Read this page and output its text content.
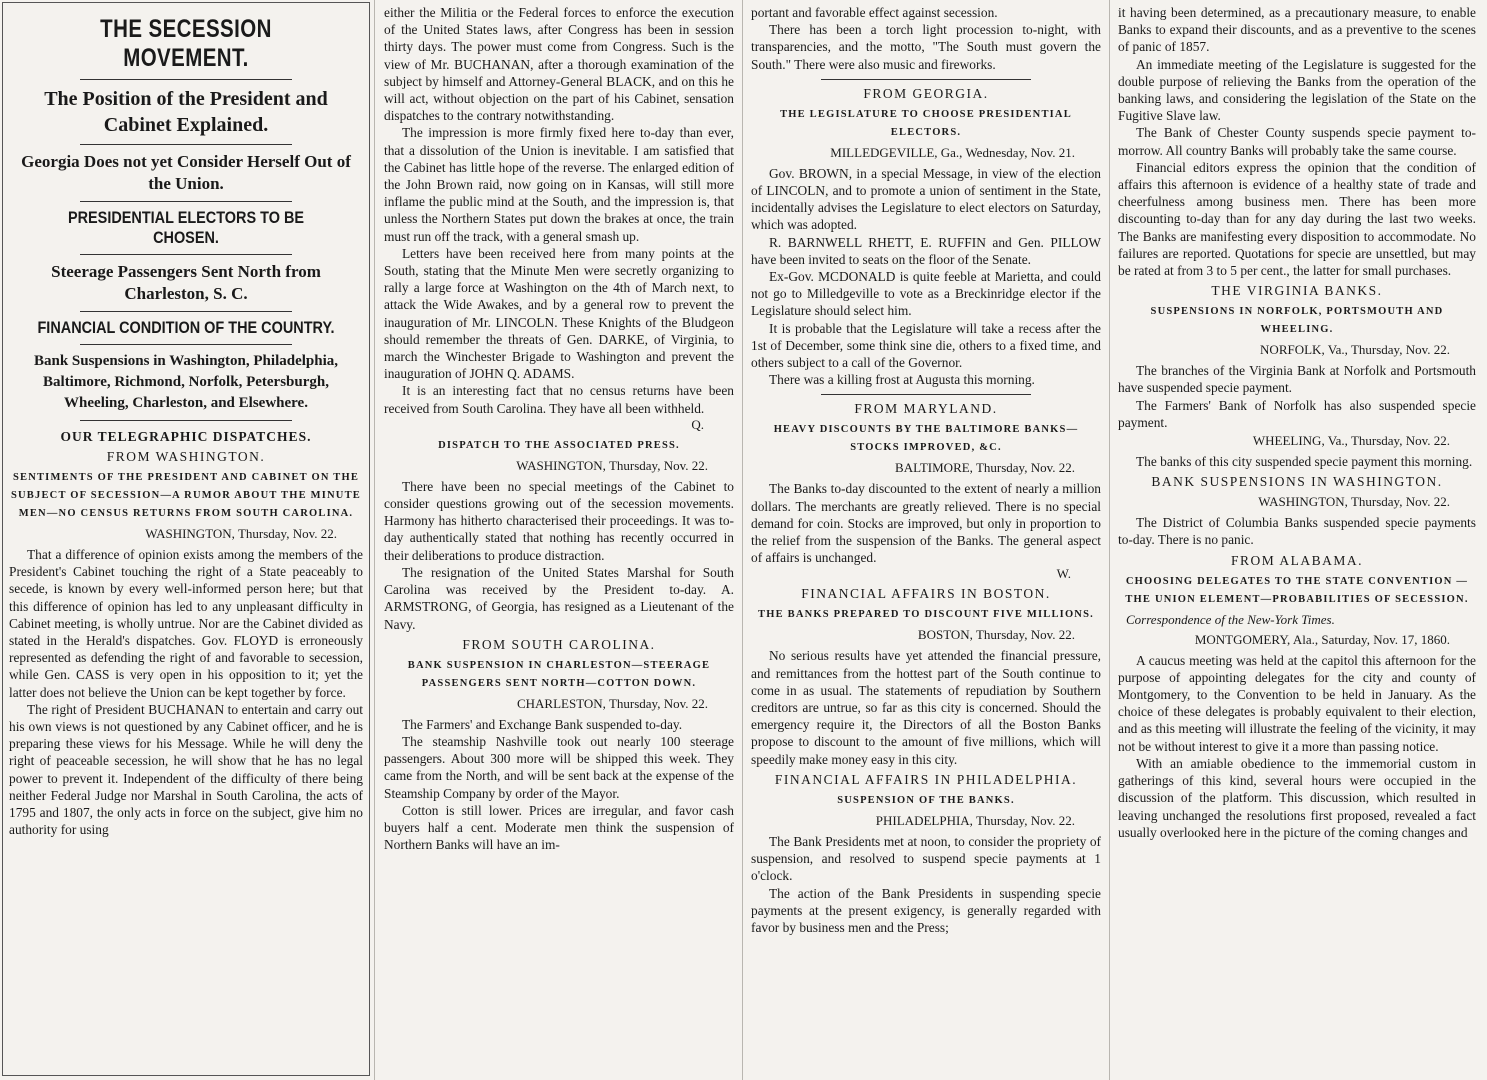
THE SECESSION MOVEMENT.
The Position of the President and Cabinet Explained.
Georgia Does not yet Consider Herself Out of the Union.
PRESIDENTIAL ELECTORS TO BE CHOSEN.
Steerage Passengers Sent North from Charleston, S. C.
FINANCIAL CONDITION OF THE COUNTRY.
Bank Suspensions in Washington, Philadelphia, Baltimore, Richmond, Norfolk, Petersburgh, Wheeling, Charleston, and Elsewhere.
OUR TELEGRAPHIC DISPATCHES.
FROM WASHINGTON.
SENTIMENTS OF THE PRESIDENT AND CABINET ON THE SUBJECT OF SECESSION—A RUMOR ABOUT THE MINUTE MEN—NO CENSUS RETURNS FROM SOUTH CAROLINA.
WASHINGTON, Thursday, Nov. 22.

That a difference of opinion exists among the members of the President's Cabinet touching the right of a State peaceably to secede, is known by every well-informed person here; but that this difference of opinion has led to any unpleasant difficulty in Cabinet meeting, is wholly untrue. Nor are the Cabinet divided as stated in the Herald's dispatches. Gov. FLOYD is erroneously represented as defending the right of and favorable to secession, while Gen. CASS is very open in his opposition to it; yet the latter does not believe the Union can be kept together by force.

The right of President BUCHANAN to entertain and carry out his own views is not questioned by any Cabinet officer, and he is preparing these views for his Message. While he will deny the right of peaceable secession, he will show that he has no legal power to prevent it. Independent of the difficulty of there being neither Federal Judge nor Marshal in South Carolina, the acts of 1795 and 1807, the only acts in force on the subject, give him no authority for using

either the Militia or the Federal forces to enforce the execution of the United States laws, after Congress has been in session thirty days. The power must come from Congress. Such is the view of Mr. BUCHANAN, after a thorough examination of the subject by himself and Attorney-General BLACK, and on this he will act, without objection on the part of his Cabinet, sensation dispatches to the contrary notwithstanding.

The impression is more firmly fixed here to-day than ever, that a dissolution of the Union is inevitable. I am satisfied that the Cabinet has little hope of the reverse. The enlarged edition of the John Brown raid, now going on in Kansas, will still more inflame the public mind at the South, and the impression is, that unless the Northern States put down the brakes at once, the train must run off the track, with a general smash up.

Letters have been received here from many points at the South, stating that the Minute Men were secretly organizing to rally a large force at Washington on the 4th of March next, to attack the Wide Awakes, and by a general row to prevent the inauguration of Mr. LINCOLN. These Knights of the Bludgeon should remember the threats of Gen. DARKE, of Virginia, to march the Winchester Brigade to Washington and prevent the inauguration of JOHN Q. ADAMS.

It is an interesting fact that no census returns have been received from South Carolina. They have all been withheld.

Q.
DISPATCH TO THE ASSOCIATED PRESS.
WASHINGTON, Thursday, Nov. 22.

There have been no special meetings of the Cabinet to consider questions growing out of the secession movements. Harmony has hitherto characterised their proceedings. It was to-day authentically stated that nothing has recently occurred in their deliberations to produce distraction.

The resignation of the United States Marshal for South Carolina was received by the President to-day. A. ARMSTRONG, of Georgia, has resigned as a Lieutenant of the Navy.

FROM SOUTH CAROLINA.
BANK SUSPENSION IN CHARLESTON—STEERAGE PASSENGERS SENT NORTH—COTTON DOWN.
CHARLESTON, Thursday, Nov. 22.

The Farmers' and Exchange Bank suspended to-day.

The steamship Nashville took out nearly 100 steerage passengers. About 300 more will be shipped this week. They came from the North, and will be sent back at the expense of the Steamship Company by order of the Mayor.

Cotton is still lower. Prices are irregular, and favor cash buyers half a cent. Moderate men think the suspension of Northern Banks will have an im-

portant and favorable effect against secession.

There has been a torch light procession to-night, with transparencies, and the motto, "The South must govern the South." There were also music and fireworks.

FROM GEORGIA.
THE LEGISLATURE TO CHOOSE PRESIDENTIAL ELECTORS.
MILLEDGEVILLE, Ga., Wednesday, Nov. 21.

Gov. BROWN, in a special Message, in view of the election of LINCOLN, and to promote a union of sentiment in the State, incidentally advises the Legislature to elect electors on Saturday, which was adopted.

R. BARNWELL RHETT, E. RUFFIN and Gen. PILLOW have been invited to seats on the floor of the Senate.

Ex-Gov. MCDONALD is quite feeble at Marietta, and could not go to Milledgeville to vote as a Breckinridge elector if the Legislature should select him.

It is probable that the Legislature will take a recess after the 1st of December, some think sine die, others to a fixed time, and others subject to a call of the Governor.

There was a killing frost at Augusta this morning.

FROM MARYLAND.
HEAVY DISCOUNTS BY THE BALTIMORE BANKS—STOCKS IMPROVED, &C.
BALTIMORE, Thursday, Nov. 22.

The Banks to-day discounted to the extent of nearly a million dollars. The merchants are greatly relieved. There is no special demand for coin. Stocks are improved, but only in proportion to the relief from the suspension of the Banks. The general aspect of affairs is unchanged.

W.
FINANCIAL AFFAIRS IN BOSTON.
THE BANKS PREPARED TO DISCOUNT FIVE MILLIONS.
BOSTON, Thursday, Nov. 22.

No serious results have yet attended the financial pressure, and remittances from the hottest part of the South continue to come in as usual. The statements of repudiation by Southern creditors are untrue, so far as this city is concerned. Should the emergency require it, the Directors of all the Boston Banks propose to discount to the amount of five millions, which will speedily make money easy in this city.

FINANCIAL AFFAIRS IN PHILADELPHIA.
SUSPENSION OF THE BANKS.
PHILADELPHIA, Thursday, Nov. 22.

The Bank Presidents met at noon, to consider the propriety of suspension, and resolved to suspend specie payments at 1 o'clock.

The action of the Bank Presidents in suspending specie payments at the present exigency, is generally regarded with favor by business men and the Press;

it having been determined, as a precautionary measure, to enable Banks to expand their discounts, and as a preventive to the scenes of panic of 1857.

An immediate meeting of the Legislature is suggested for the double purpose of relieving the Banks from the operation of the banking laws, and considering the legislation of the State on the Fugitive Slave law.

The Bank of Chester County suspends specie payment to-morrow. All country Banks will probably take the same course.

Financial editors express the opinion that the condition of affairs this afternoon is evidence of a healthy state of trade and cheerfulness among business men. There has been more discounting to-day than for any day during the last two weeks. The Banks are manifesting every disposition to accommodate. No failures are reported. Quotations for specie are unsettled, but may be rated at from 3 to 5 per cent., the latter for small purchases.

THE VIRGINIA BANKS.
SUSPENSIONS IN NORFOLK, PORTSMOUTH AND WHEELING.
NORFOLK, Va., Thursday, Nov. 22.

The branches of the Virginia Bank at Norfolk and Portsmouth have suspended specie payment.

The Farmers' Bank of Norfolk has also suspended specie payment.

WHEELING, Va., Thursday, Nov. 22.

The banks of this city suspended specie payment this morning.

BANK SUSPENSIONS IN WASHINGTON.
WASHINGTON, Thursday, Nov. 22.

The District of Columbia Banks suspended specie payments to-day. There is no panic.

FROM ALABAMA.
CHOOSING DELEGATES TO THE STATE CONVENTION —THE UNION ELEMENT—PROBABILITIES OF SECESSION.
Correspondence of the New-York Times.
MONTGOMERY, Ala., Saturday, Nov. 17, 1860.

A caucus meeting was held at the capitol this afternoon for the purpose of appointing delegates for the city and county of Montgomery, to the Convention to be held in January. As the choice of these delegates is probably equivalent to their election, and as this meeting will illustrate the feeling of the vicinity, it may not be without interest to give it a more than passing notice.

With an amiable obedience to the immemorial custom in gatherings of this kind, several hours were occupied in the discussion of the platform. This discussion, which resulted in leaving unchanged the resolutions first proposed, revealed a fact usually overlooked here in the picture of the coming changes and
